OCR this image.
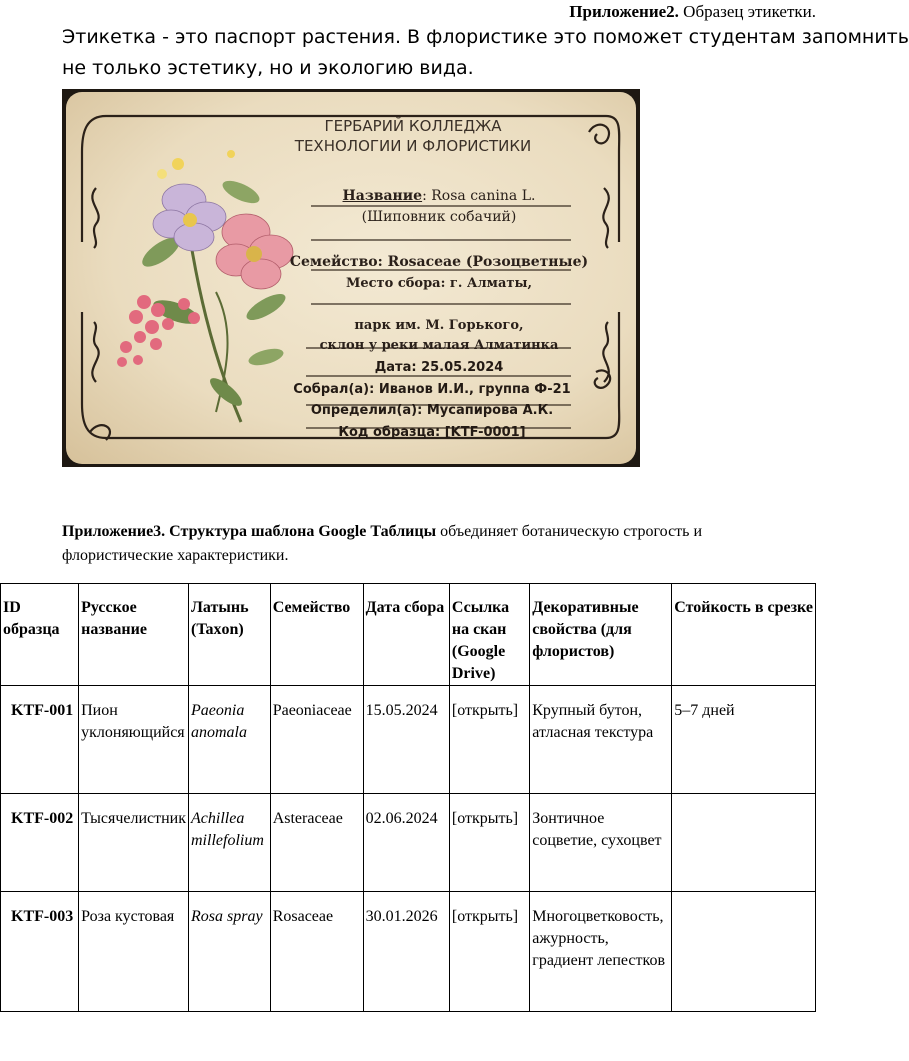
Приложение2. Образец этикетки.
Этикетка - это паспорт растения. В флористике это поможет студентам запомнить
не только эстетику, но и экологию вида.
ГЕРБАРИЙ КОЛЛЕДЖА
ТЕХНОЛОГИИ И ФЛОРИСТИКИ
Название: Rosa canina L.
(Шиповник собачий)
Семейство: Rosaceae (Розоцветные)
Место сбора: г. Алматы,
парк им. М. Горького,
склон у реки малая Алматинка
Дата: 25.05.2024
Собрал(а): Иванов И.И., группа Ф-21
Определил(а): Мусапирова А.К.
Код образца: [KTF-0001]
Приложение3. Структура шаблона Google Таблицы объединяет ботаническую строгость и
флористические характеристики.
ID образца	Русское название	Латынь (Taxon)	Семейство	Дата сбора	Ссылка на скан (Google Drive)	Декоративные свойства (для флористов)	Стойкость в срезке
KTF-001	Пион уклоняющийся	Paeonia anomala	Paeoniaceae	15.05.2024	[открыть]	Крупный бутон, атласная текстура	5–7 дней
KTF-002	Тысячелистник	Achillea millefolium	Asteraceae	02.06.2024	[открыть]	Зонтичное соцветие, сухоцвет	
KTF-003	Роза кустовая	Rosa spray	Rosaceae	30.01.2026	[открыть]	Многоцветковость, ажурность, градиент лепестков	
